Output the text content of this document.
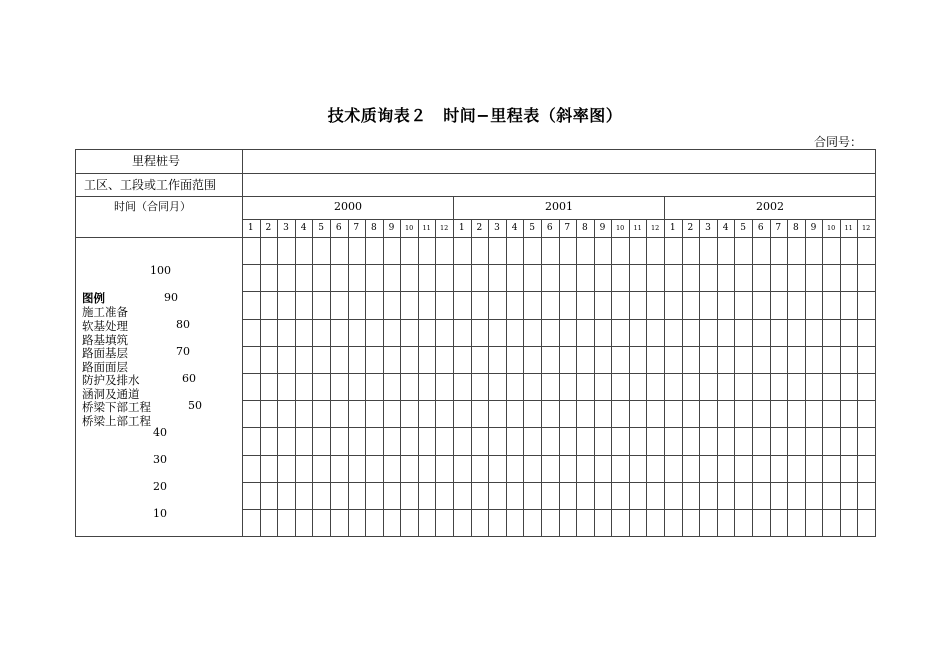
技术质询表２　时间−里程表（斜率图）
合同号：
里程桩号
工区、工段或工作面范围
时间（合同月）	2000	2001	2002
100
90
80
70
60
50
40
30
20
10
图例
施工准备
软基处理
路基填筑
路面基层
路面面层
防护及排水
涵洞及通道
桥梁下部工程
桥梁上部工程
1	2	3	4	5	6	7	8	9	10	11	12	1	2	3	4	5	6	7	8	9	10	11	12	1	2	3	4	5	6	7	8	9	10	11	12
